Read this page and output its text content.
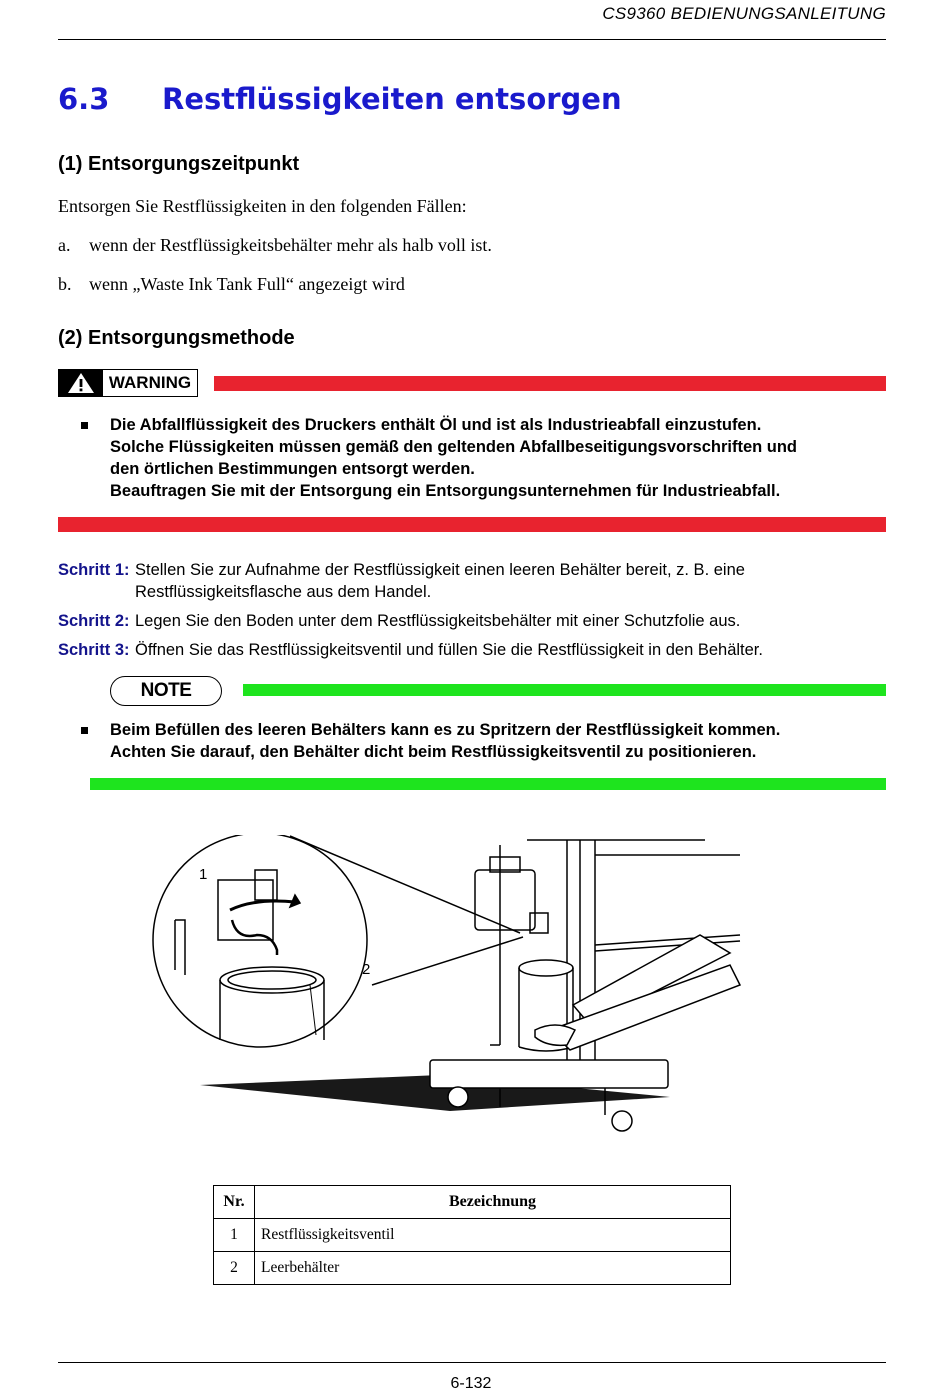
CS9360 BEDIENUNGSANLEITUNG
6.3 Restflüssigkeiten entsorgen
(1) Entsorgungszeitpunkt
Entsorgen Sie Restflüssigkeiten in den folgenden Fällen:
a. wenn der Restflüssigkeitsbehälter mehr als halb voll ist.
b. wenn „Waste Ink Tank Full“ angezeigt wird
(2) Entsorgungsmethode
WARNING
Die Abfallflüssigkeit des Druckers enthält Öl und ist als Industrieabfall einzustufen.
Solche Flüssigkeiten müssen gemäß den geltenden Abfallbeseitigungsvorschriften und
den örtlichen Bestimmungen entsorgt werden.
Beauftragen Sie mit der Entsorgung ein Entsorgungsunternehmen für Industrieabfall.
Schritt 1: Stellen Sie zur Aufnahme der Restflüssigkeit einen leeren Behälter bereit, z. B. eine
Restflüssigkeitsflasche aus dem Handel.
Schritt 2: Legen Sie den Boden unter dem Restflüssigkeitsbehälter mit einer Schutzfolie aus.
Schritt 3: Öffnen Sie das Restflüssigkeitsventil und füllen Sie die Restflüssigkeit in den Behälter.
NOTE
Beim Befüllen des leeren Behälters kann es zu Spritzern der Restflüssigkeit kommen.
Achten Sie darauf, den Behälter dicht beim Restflüssigkeitsventil zu positionieren.
1
2
Nr.	Bezeichnung
1	Restflüssigkeitsventil
2	Leerbehälter
6-132
